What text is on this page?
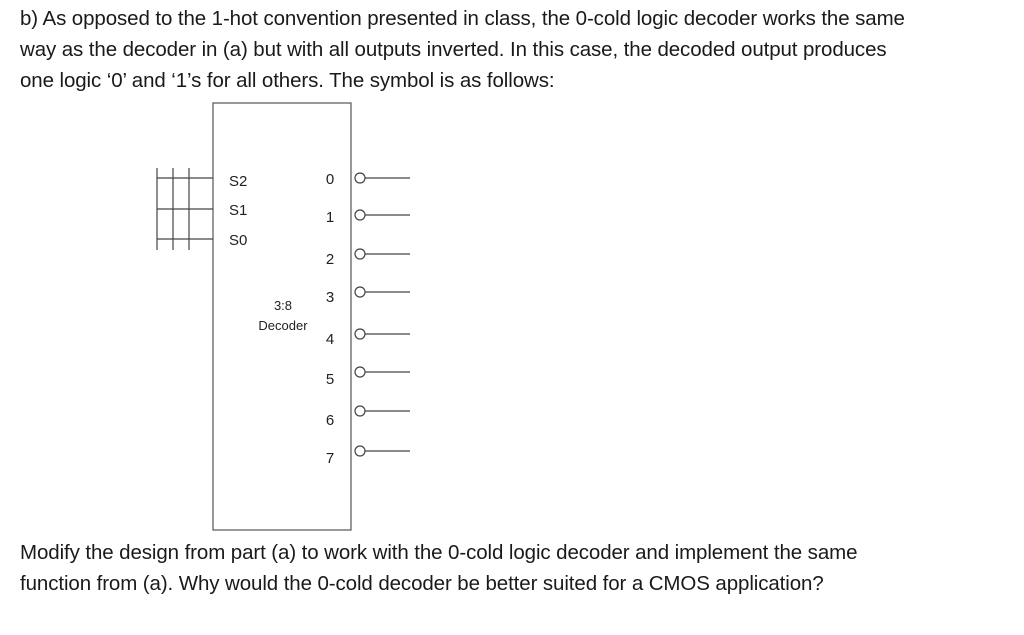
b) As opposed to the 1-hot convention presented in class, the 0-cold logic decoder works the same
way as the decoder in (a) but with all outputs inverted. In this case, the decoded output produces
one logic ‘0’ and ‘1’s for all others. The symbol is as follows:

S2
S1
S0
3:8
Decoder
0
1
2
3
4
5
6
7

Modify the design from part (a) to work with the 0-cold logic decoder and implement the same
function from (a). Why would the 0-cold decoder be better suited for a CMOS application?
